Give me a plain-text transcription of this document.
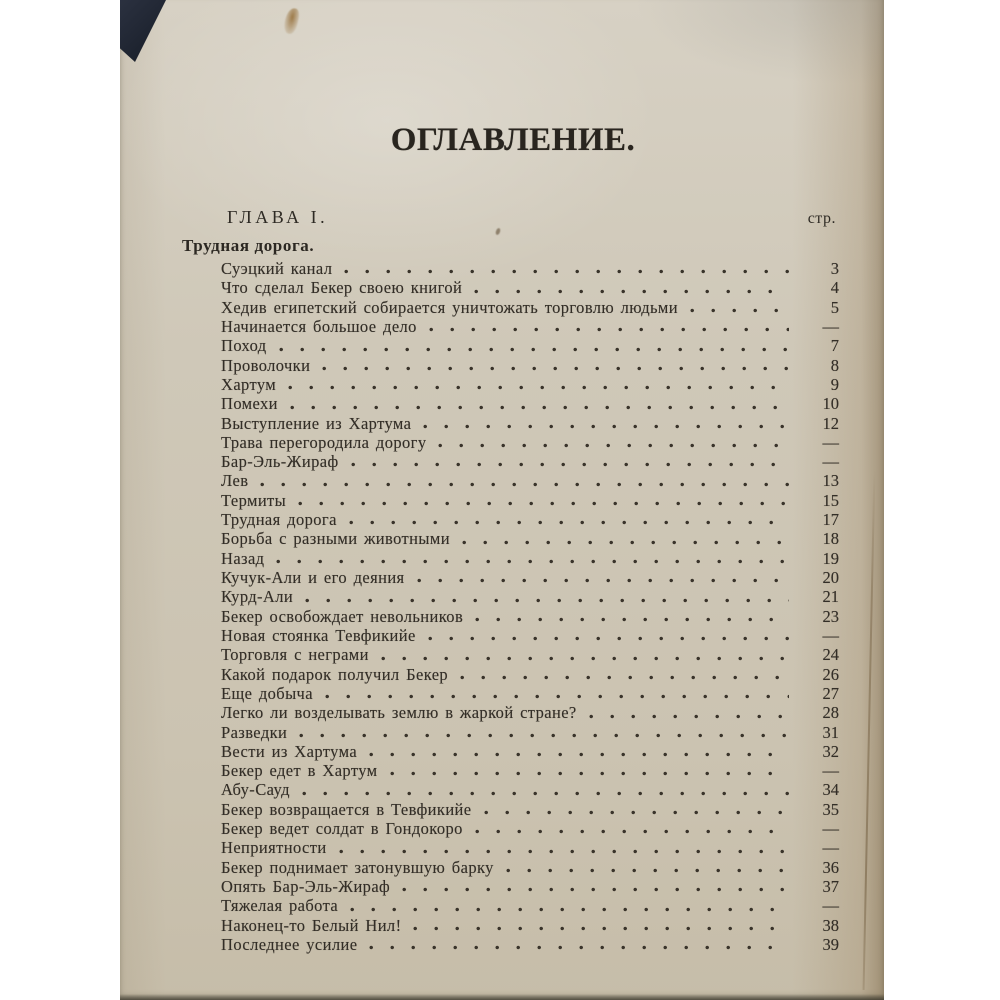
ОГЛАВЛЕНИЕ.
ГЛАВА I.	стр.
Трудная дорога.
Суэцкий канал	3
Что сделал Бекер своею книгой	4
Хедив египетский собирается уничтожать торговлю людьми	5
Начинается большое дело	—
Поход	7
Проволочки	8
Хартум	9
Помехи	10
Выступление из Хартума	12
Трава перегородила дорогу	—
Бар-Эль-Жираф	—
Лев	13
Термиты	15
Трудная дорога	17
Борьба с разными животными	18
Назад	19
Кучук-Али и его деяния	20
Курд-Али	21
Бекер освобождает невольников	23
Новая стоянка Тевфикийе	—
Торговля с неграми	24
Какой подарок получил Бекер	26
Еще добыча	27
Легко ли возделывать землю в жаркой стране?	28
Разведки	31
Вести из Хартума	32
Бекер едет в Хартум	—
Абу-Сауд	34
Бекер возвращается в Тевфикийе	35
Бекер ведет солдат в Гондокоро	—
Неприятности	—
Бекер поднимает затонувшую барку	36
Опять Бар-Эль-Жираф	37
Тяжелая работа	—
Наконец-то Белый Нил!	38
Последнее усилие	39
